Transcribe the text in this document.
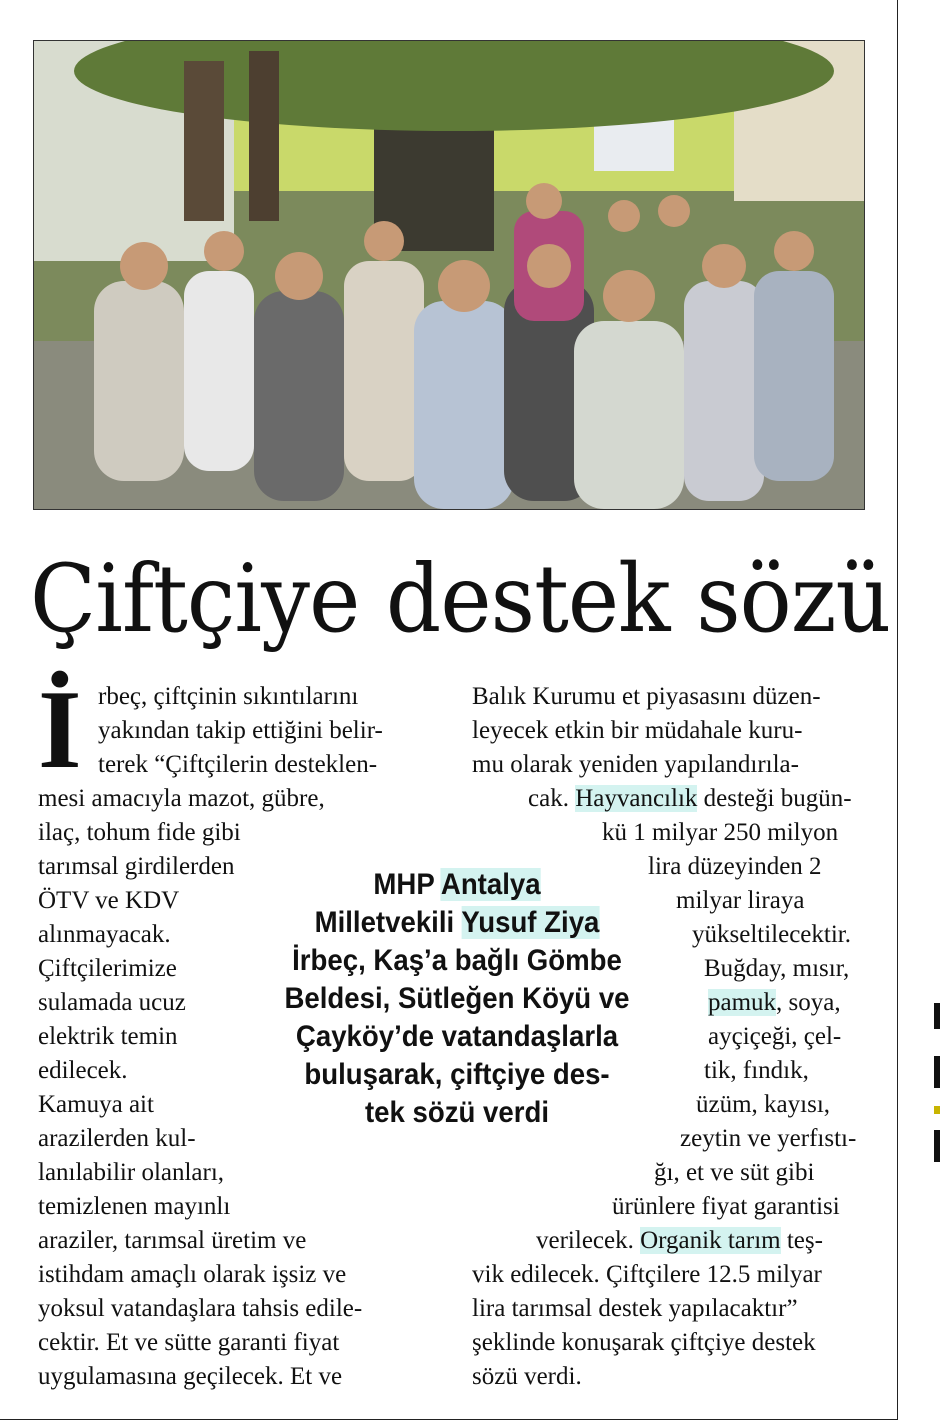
Çiftçiye destek sözü
İ rbeç, çiftçinin sıkıntılarını
yakından takip ettiğini belir-
terek “Çiftçilerin desteklen-
mesi amacıyla mazot, gübre,
ilaç, tohum fide gibi
tarımsal girdilerden
ÖTV ve KDV
alınmayacak.
Çiftçilerimize
sulamada ucuz
elektrik temin
edilecek.
Kamuya ait
arazilerden kul-
lanılabilir olanları,
temizlenen mayınlı
araziler, tarımsal üretim ve
istihdam amaçlı olarak işsiz ve
yoksul vatandaşlara tahsis edile-
cektir. Et ve sütte garanti fiyat
uygulamasına geçilecek. Et ve
Balık Kurumu et piyasasını düzen-
leyecek etkin bir müdahale kuru-
mu olarak yeniden yapılandırıla-
cak. Hayvancılık desteği bugün-
kü 1 milyar 250 milyon
lira düzeyinden 2
milyar liraya
yükseltilecektir.
Buğday, mısır,
pamuk, soya,
ayçiçeği, çel-
tik, fındık,
üzüm, kayısı,
zeytin ve yerfıstı-
ğı, et ve süt gibi
ürünlere fiyat garantisi
verilecek. Organik tarım teş-
vik edilecek. Çiftçilere 12.5 milyar
lira tarımsal destek yapılacaktır”
şeklinde konuşarak çiftçiye destek
sözü verdi.
MHP Antalya
Milletvekili Yusuf Ziya
İrbeç, Kaş’a bağlı Gömbe
Beldesi, Sütleğen Köyü ve
Çayköy’de vatandaşlarla
buluşarak, çiftçiye des-
tek sözü verdi
